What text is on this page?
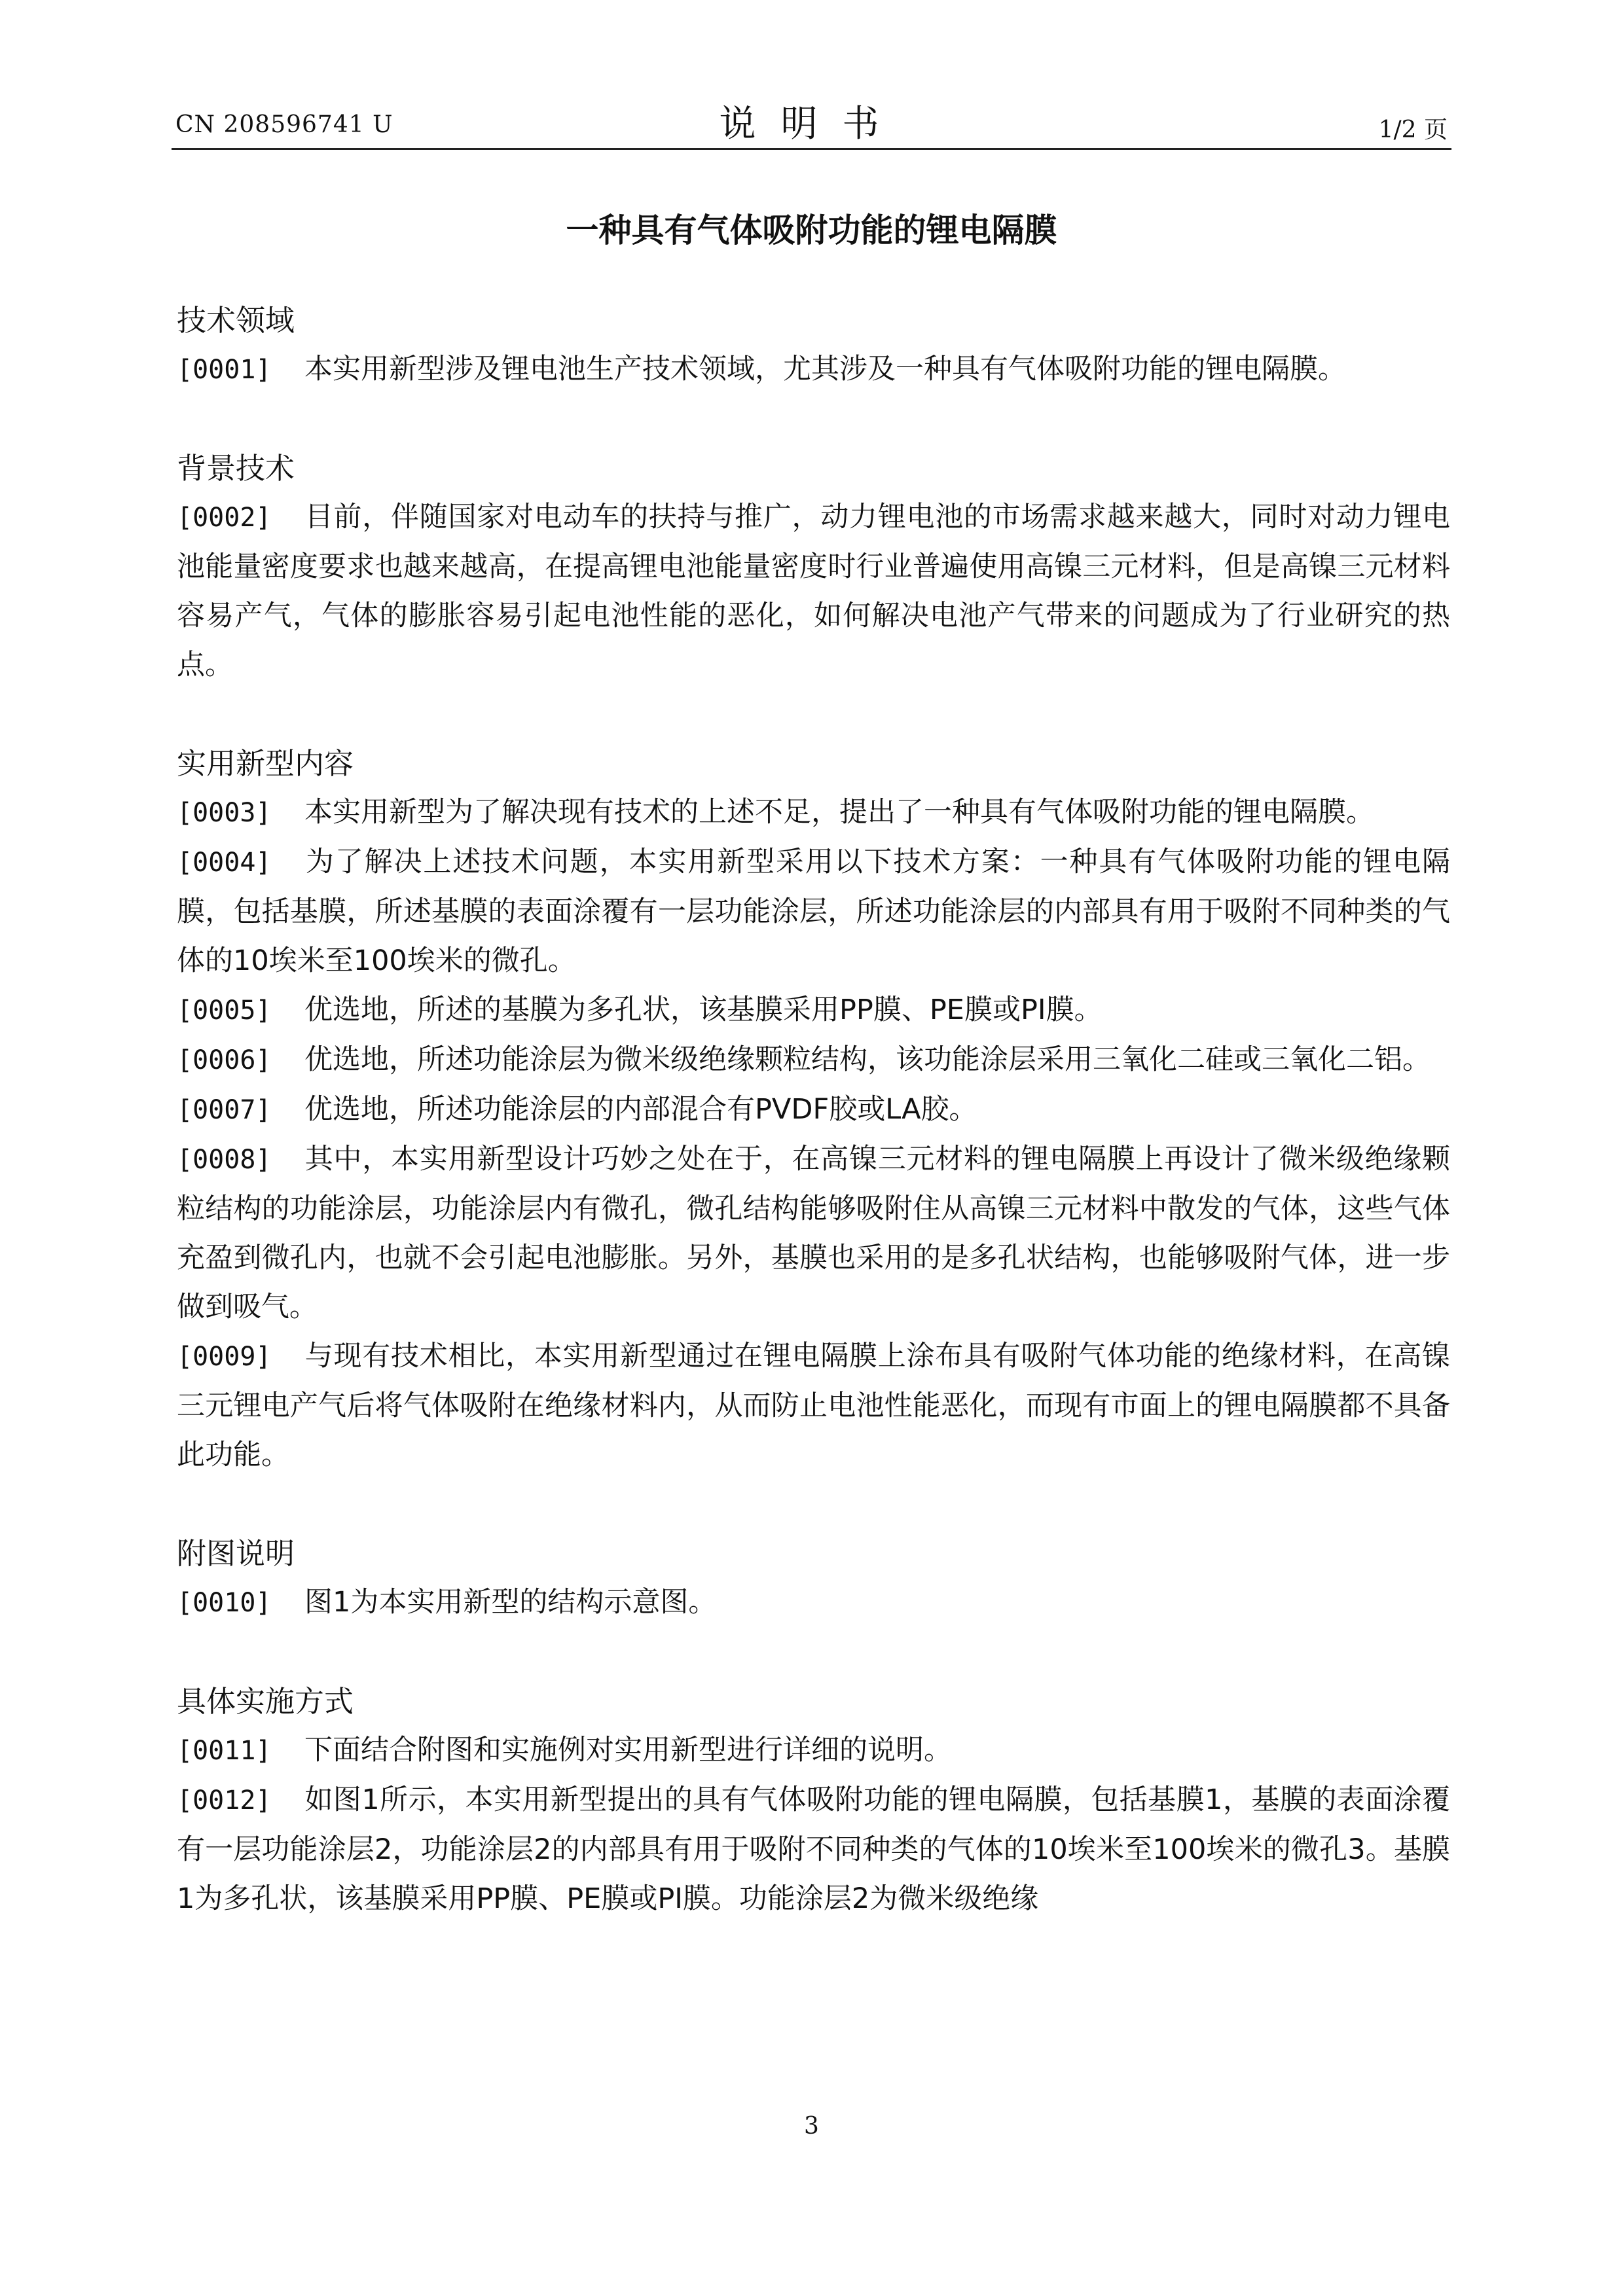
CN 208596741 U	说明书	1/2 页
一种具有气体吸附功能的锂电隔膜
技术领域
[0001] 本实用新型涉及锂电池生产技术领域，尤其涉及一种具有气体吸附功能的锂电隔膜。
背景技术
[0002] 目前，伴随国家对电动车的扶持与推广，动力锂电池的市场需求越来越大，同时对动力锂电池能量密度要求也越来越高，在提高锂电池能量密度时行业普遍使用高镍三元材料，但是高镍三元材料容易产气，气体的膨胀容易引起电池性能的恶化，如何解决电池产气带来的问题成为了行业研究的热点。
实用新型内容
[0003] 本实用新型为了解决现有技术的上述不足，提出了一种具有气体吸附功能的锂电隔膜。
[0004] 为了解决上述技术问题，本实用新型采用以下技术方案：一种具有气体吸附功能的锂电隔膜，包括基膜，所述基膜的表面涂覆有一层功能涂层，所述功能涂层的内部具有用于吸附不同种类的气体的10埃米至100埃米的微孔。
[0005] 优选地，所述的基膜为多孔状，该基膜采用PP膜、PE膜或PI膜。
[0006] 优选地，所述功能涂层为微米级绝缘颗粒结构，该功能涂层采用三氧化二硅或三氧化二铝。
[0007] 优选地，所述功能涂层的内部混合有PVDF胶或LA胶。
[0008] 其中，本实用新型设计巧妙之处在于，在高镍三元材料的锂电隔膜上再设计了微米级绝缘颗粒结构的功能涂层，功能涂层内有微孔，微孔结构能够吸附住从高镍三元材料中散发的气体，这些气体充盈到微孔内，也就不会引起电池膨胀。另外，基膜也采用的是多孔状结构，也能够吸附气体，进一步做到吸气。
[0009] 与现有技术相比，本实用新型通过在锂电隔膜上涂布具有吸附气体功能的绝缘材料，在高镍三元锂电产气后将气体吸附在绝缘材料内，从而防止电池性能恶化，而现有市面上的锂电隔膜都不具备此功能。
附图说明
[0010] 图1为本实用新型的结构示意图。
具体实施方式
[0011] 下面结合附图和实施例对实用新型进行详细的说明。
[0012] 如图1所示，本实用新型提出的具有气体吸附功能的锂电隔膜，包括基膜1，基膜的表面涂覆有一层功能涂层2，功能涂层2的内部具有用于吸附不同种类的气体的10埃米至100埃米的微孔3。基膜1为多孔状，该基膜采用PP膜、PE膜或PI膜。功能涂层2为微米级绝缘
3
